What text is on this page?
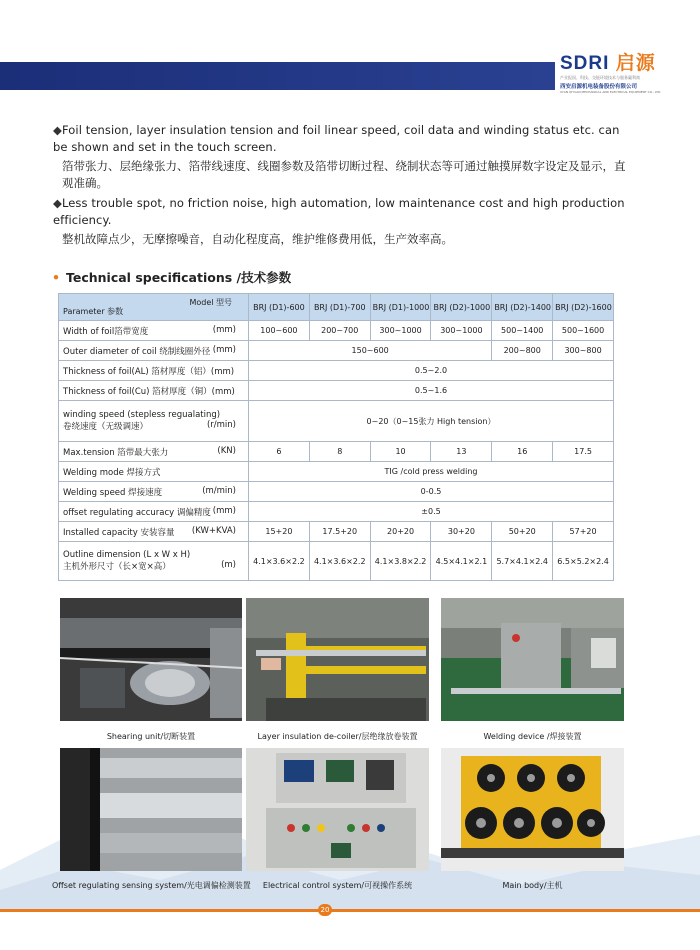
SDRI 启源
产业报国、科技、交能环境技术与服务赢利商
西安启源机电装备股份有限公司
XI'AN QIYUAN MECHANICAL AND ELECTRICAL EQUIPMENT CO., LTD.
◆Foil tension, layer insulation tension and foil linear speed, coil data and winding status etc. can be shown and set in the touch screen.
箔带张力、层绝缘张力、箔带线速度、线圈参数及箔带切断过程、绕制状态等可通过触摸屏数字设定及显示，直观准确。
◆Less trouble spot, no friction noise, high automation, low maintenance cost and high production efficiency.
整机故障点少，无摩擦噪音，自动化程度高，维护维修费用低，生产效率高。
• Technical specifications /技术参数
Model 型号
Parameter 参数	BRJ (D1)-600	BRJ (D1)-700	BRJ (D1)-1000	BRJ (D2)-1000	BRJ (D2)-1400	BRJ (D2)-1600
Width of foil箔带宽度 (mm)	100~600	200~700	300~1000	300~1000	500~1400	500~1600
Outer diameter of coil 绕制线圈外径 (mm)	150~600				200~800	300~800
Thickness of foil(AL) 箔材厚度（铝）(mm)	0.5~2.0					
Thickness of foil(Cu) 箔材厚度（铜）(mm)	0.5~1.6					

winding speed (stepless regualating)
卷绕速度（无级调速） (r/min)	0~20（0~15张力 High tension）					
Max.tension 箔带最大张力 (KN)	6	8	10	13	16	17.5
Welding mode 焊接方式	TIG /cold press welding					
Welding speed 焊接速度 (m/min)	0-0.5					
offset regulating accuracy 调偏精度 (mm)	±0.5					
Installed capacity 安装容量 (KW+KVA)	15+20	17.5+20	20+20	30+20	50+20	57+20

Outline dimension (L x W x H)
主机外形尺寸（长×宽×高） (m)	4.1×3.6×2.2	4.1×3.6×2.2	4.1×3.8×2.2	4.5×4.1×2.1	5.7×4.1×2.4	6.5×5.2×2.4
Shearing unit/切断装置	Layer insulation de-coiler/层绝缘放卷装置	Welding device /焊接装置
Offset regulating sensing system/光电调偏检测装置	Electrical control system/可视操作系统	Main body/主机
20
